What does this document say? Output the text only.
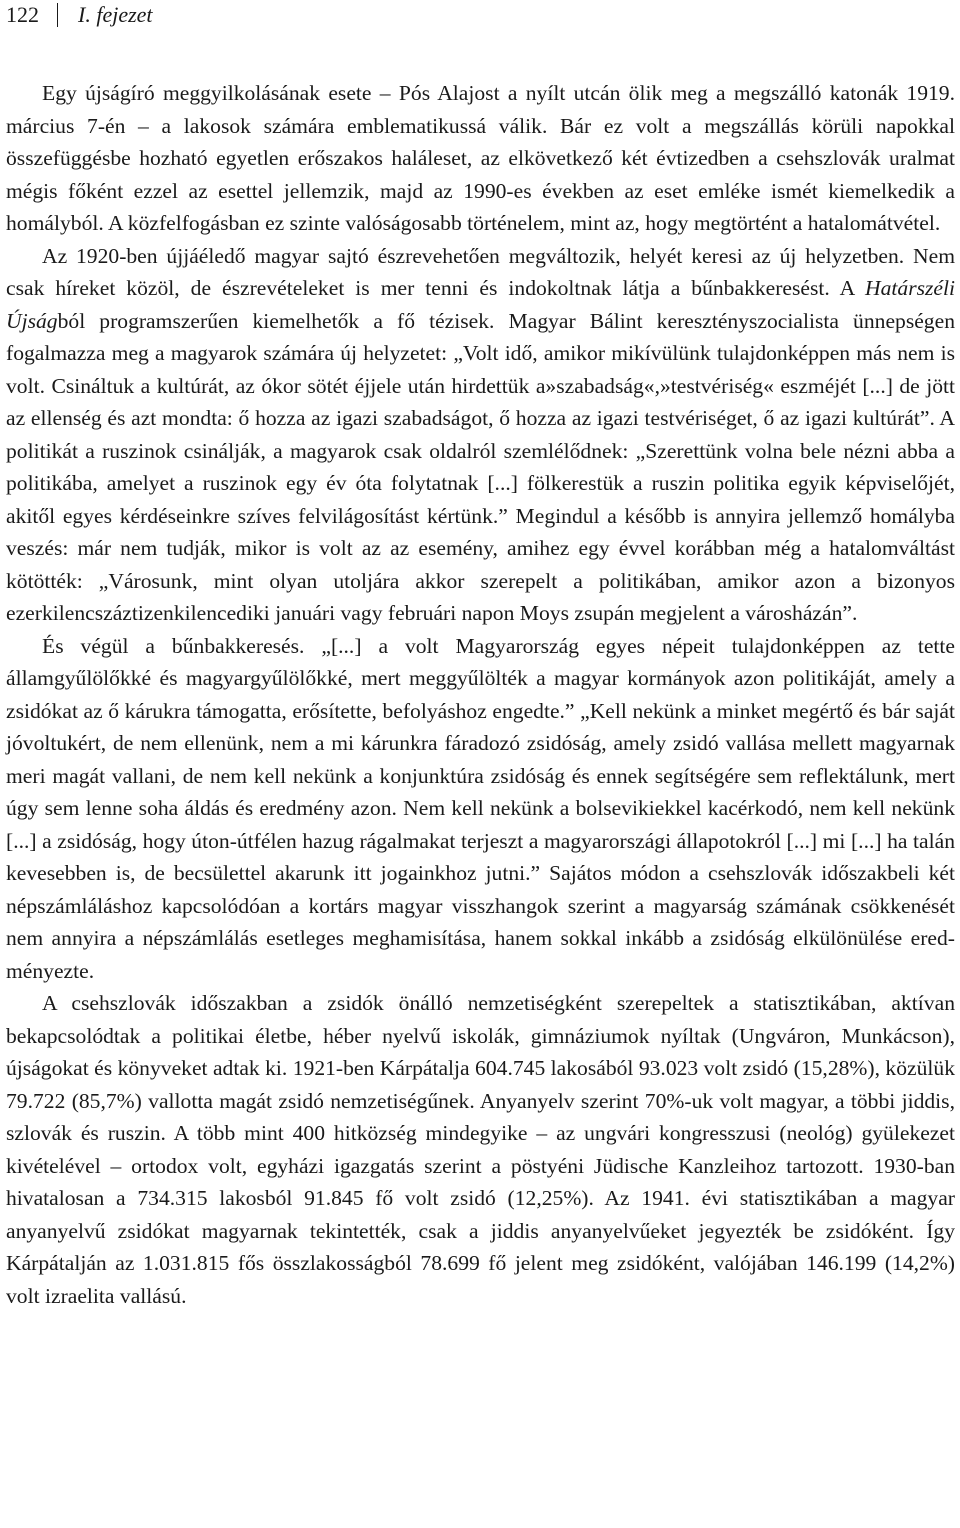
122 I. fejezet

Egy újságíró meggyilkolásának esete – Pós Alajost a nyílt utcán ölik meg a megszálló katonák 1919. március 7-én – a lakosok számára emblematikussá válik. Bár ez volt a megszállás körüli napokkal összefüggésbe hozható egyetlen erőszakos haláleset, az elkövetkező két évtizedben a csehszlovák uralmat mégis főként ezzel az esettel jellemzik, majd az 1990-es években az eset emléke ismét kiemelkedik a homályból. A közfelfogásban ez szinte valóságosabb történelem, mint az, hogy megtörtént a hatalomátvétel.

Az 1920-ben újjáéledő magyar sajtó észrevehetően megváltozik, helyét keresi az új helyzetben. Nem csak híreket közöl, de észrevételeket is mer tenni és indokoltnak látja a bűnbakkeresést. A Határszéli Újságból programszerűen kiemelhetők a fő tézisek. Magyar Bálint keresztényszocialista ünnepségen fogalmazza meg a magyarok számára új helyzetet: „Volt idő, amikor mikívülünk tulajdonképpen más nem is volt. Csináltuk a kultúrát, az ókor sötét éjjele után hirdettük a»szabadság«,»testvériség« eszméjét [...] de jött az ellenség és azt mondta: ő hozza az igazi szabadságot, ő hozza az igazi testvériséget, ő az igazi kultúrát”. A politikát a ruszinok csinálják, a magyarok csak oldalról szemlélődnek: „Szerettünk volna bele nézni abba a politikába, amelyet a ruszinok egy év óta folytatnak [...] fölkerestük a ruszin politika egyik képviselőjét, akitől egyes kérdéseinkre szíves felvilágosítást kértünk.” Megindul a később is annyira jellemző homályba veszés: már nem tudják, mikor is volt az az esemény, amihez egy évvel korábban még a hatalomváltást kötötték: „Városunk, mint olyan utoljára akkor szerepelt a politikában, amikor azon a bizonyos ezerkilencszáztizenkilencediki januári vagy februári napon Moys zsupán megjelent a városházán”.

És végül a bűnbakkeresés. „[...] a volt Magyarország egyes népeit tulajdonképpen az tette államgyűlölőkké és magyargyűlölőkké, mert meggyűlölték a magyar kormányok azon politikáját, amely a zsidókat az ő kárukra támogatta, erősítette, befolyáshoz engedte.” „Kell nekünk a minket megértő és bár saját jóvoltukért, de nem ellenünk, nem a mi kárunkra fáradozó zsidóság, amely zsidó vallása mellett magyarnak meri magát vallani, de nem kell nekünk a konjunktúra zsidóság és ennek segítségére sem reflektálunk, mert úgy sem lenne soha áldás és eredmény azon. Nem kell nekünk a bolsevikiekkel kacérkodó, nem kell nekünk [...] a zsidóság, hogy úton-útfélen hazug rágalmakat terjeszt a magyarországi állapotokról [...] mi [...] ha talán kevesebben is, de becsülettel akarunk itt jogainkhoz jutni.” Sajátos módon a csehszlovák időszakbeli két népszámláláshoz kapcsolódóan a kortárs magyar visszhangok szerint a magyarság számának csökkenését nem annyira a népszámlálás esetleges meghamisítása, hanem sokkal inkább a zsidóság elkülönülése eredményezte.

A csehszlovák időszakban a zsidók önálló nemzetiségként szerepeltek a statisztikában, aktívan bekapcsolódtak a politikai életbe, héber nyelvű iskolák, gimnáziumok nyíltak (Ungváron, Munkácson), újságokat és könyveket adtak ki. 1921-ben Kárpátalja 604.745 lakosából 93.023 volt zsidó (15,28%), közülük 79.722 (85,7%) vallotta magát zsidó nemzetiségűnek. Anyanyelv szerint 70%-uk volt magyar, a többi jiddis, szlovák és ruszin. A több mint 400 hitközség mindegyike – az ungvári kongresszusi (neológ) gyülekezet kivételével – ortodox volt, egyházi igazgatás szerint a pöstyéni Jüdische Kanzleihoz tartozott. 1930-ban hivatalosan a 734.315 lakosból 91.845 fő volt zsidó (12,25%). Az 1941. évi statisztikában a magyar anyanyelvű zsidókat magyarnak tekintették, csak a jiddis anyanyelvűeket jegyezték be zsidóként. Így Kárpátalján az 1.031.815 fős összlakosságból 78.699 fő jelent meg zsidóként, valójában 146.199 (14,2%) volt izraelita vallású.
